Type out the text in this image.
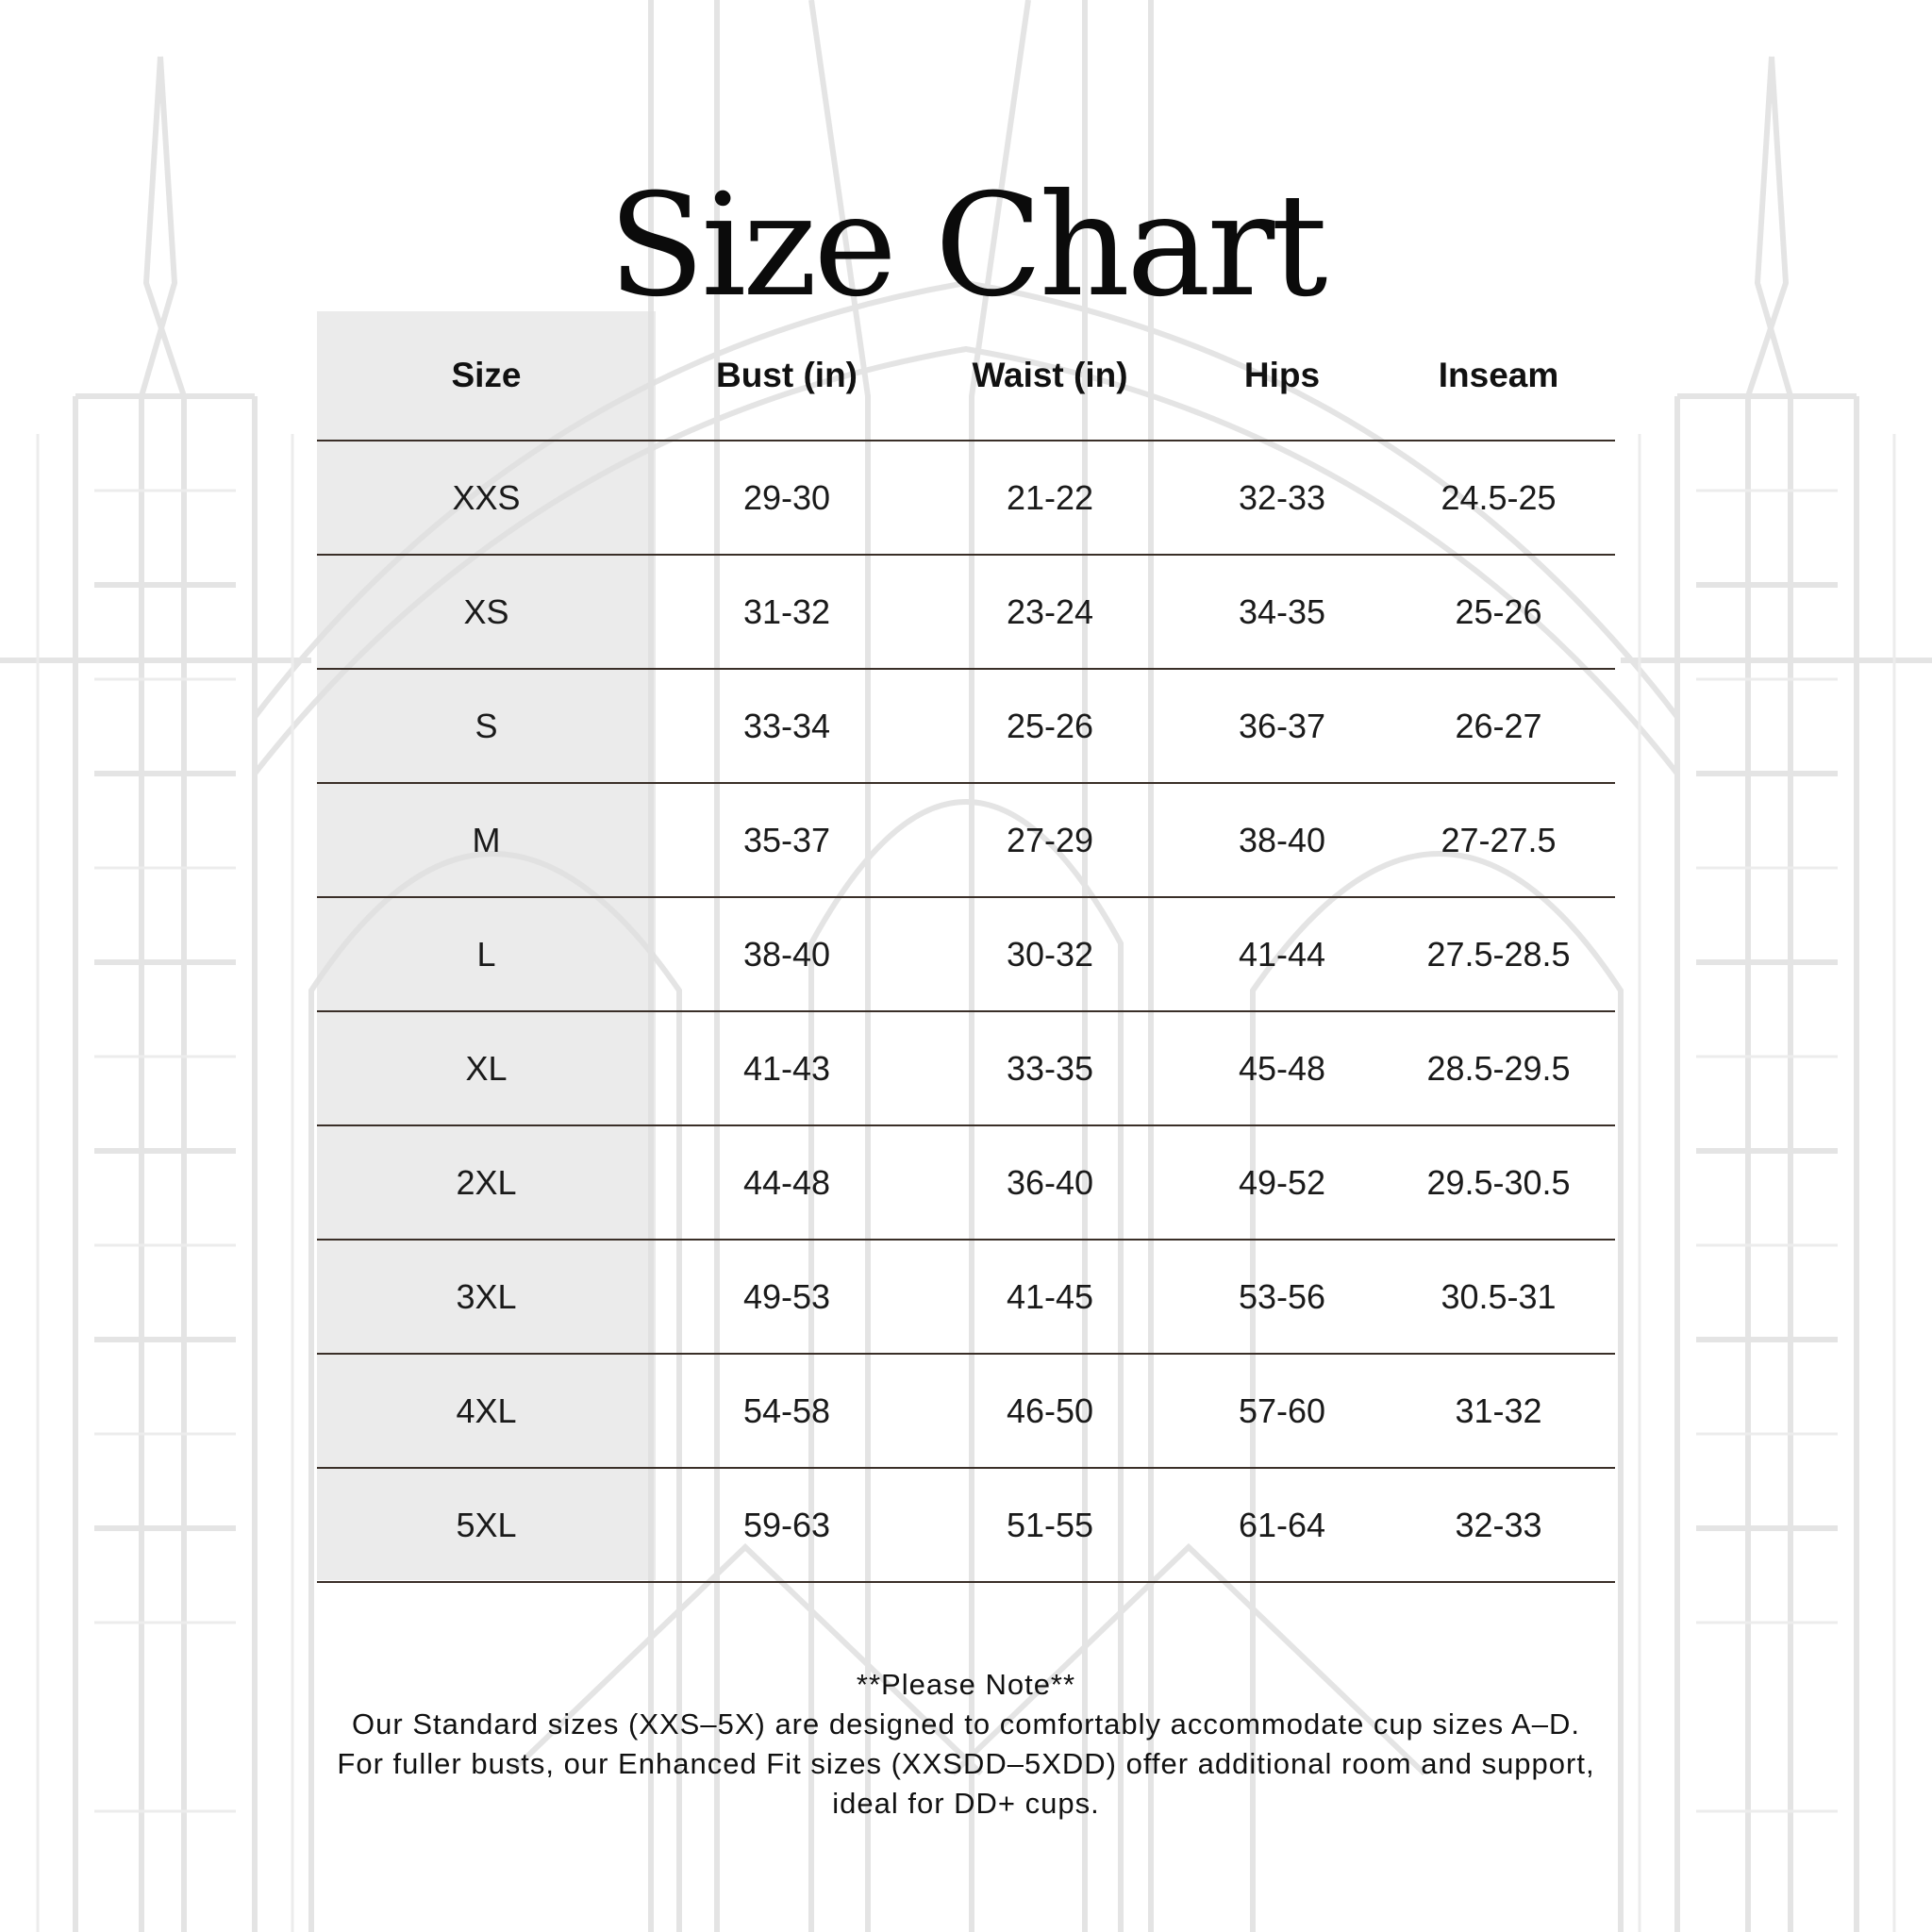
Size Chart
Size	Bust (in)	Waist (in)	Hips	Inseam
XXS	29-30	21-22	32-33	24.5-25
XS	31-32	23-24	34-35	25-26
S	33-34	25-26	36-37	26-27
M	35-37	27-29	38-40	27-27.5
L	38-40	30-32	41-44	27.5-28.5
XL	41-43	33-35	45-48	28.5-29.5
2XL	44-48	36-40	49-52	29.5-30.5
3XL	49-53	41-45	53-56	30.5-31
4XL	54-58	46-50	57-60	31-32
5XL	59-63	51-55	61-64	32-33
**Please Note**
Our Standard sizes (XXS–5X) are designed to comfortably accommodate cup sizes A–D.
For fuller busts, our Enhanced Fit sizes (XXSDD–5XDD) offer additional room and support,
ideal for DD+ cups.
